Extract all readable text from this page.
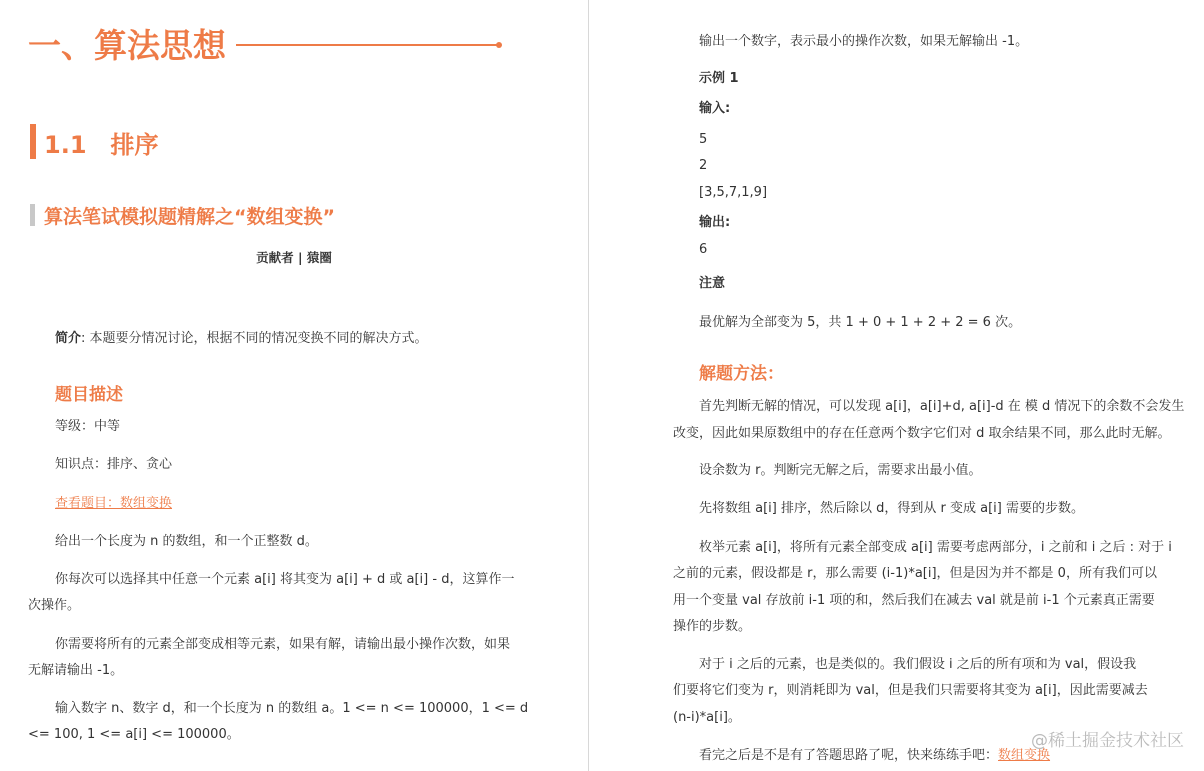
一、算法思想
1.1　排序
算法笔试模拟题精解之“数组变换”
贡献者 | 猿圈
简介: 本题要分情况讨论，根据不同的情况变换不同的解决方式。
题目描述
等级：中等
知识点：排序、贪心
查看题目：数组变换
给出一个长度为 n 的数组，和一个正整数 d。
你每次可以选择其中任意一个元素 a[i] 将其变为 a[i] + d 或 a[i] - d，这算作一
次操作。
你需要将所有的元素全部变成相等元素，如果有解，请输出最小操作次数，如果
无解请输出 -1。
输入数字 n、数字 d，和一个长度为 n 的数组 a。1 <= n <= 100000，1 <= d
<= 100, 1 <= a[i] <= 100000。
输出一个数字，表示最小的操作次数，如果无解输出 -1。
示例 1
输入:
5
2
[3,5,7,1,9]
输出:
6
注意
最优解为全部变为 5，共 1 + 0 + 1 + 2 + 2 = 6 次。
解题方法：
首先判断无解的情况，可以发现 a[i]，a[i]+d, a[i]-d 在 模 d 情况下的余数不会发生
改变，因此如果原数组中的存在任意两个数字它们对 d 取余结果不同，那么此时无解。
设余数为 r。判断完无解之后，需要求出最小值。
先将数组 a[i] 排序，然后除以 d，得到从 r 变成 a[i] 需要的步数。
枚举元素 a[i]，将所有元素全部变成 a[i] 需要考虑两部分，i 之前和 i 之后 : 对于 i
之前的元素，假设都是 r，那么需要 (i-1)*a[i]，但是因为并不都是 0，所有我们可以
用一个变量 val 存放前 i-1 项的和，然后我们在减去 val 就是前 i-1 个元素真正需要
操作的步数。
对于 i 之后的元素，也是类似的。我们假设 i 之后的所有项和为 val，假设我
们要将它们变为 r，则消耗即为 val，但是我们只需要将其变为 a[i]，因此需要减去
(n-i)*a[i]。
看完之后是不是有了答题思路了呢，快来练练手吧：数组变换
@稀土掘金技术社区
